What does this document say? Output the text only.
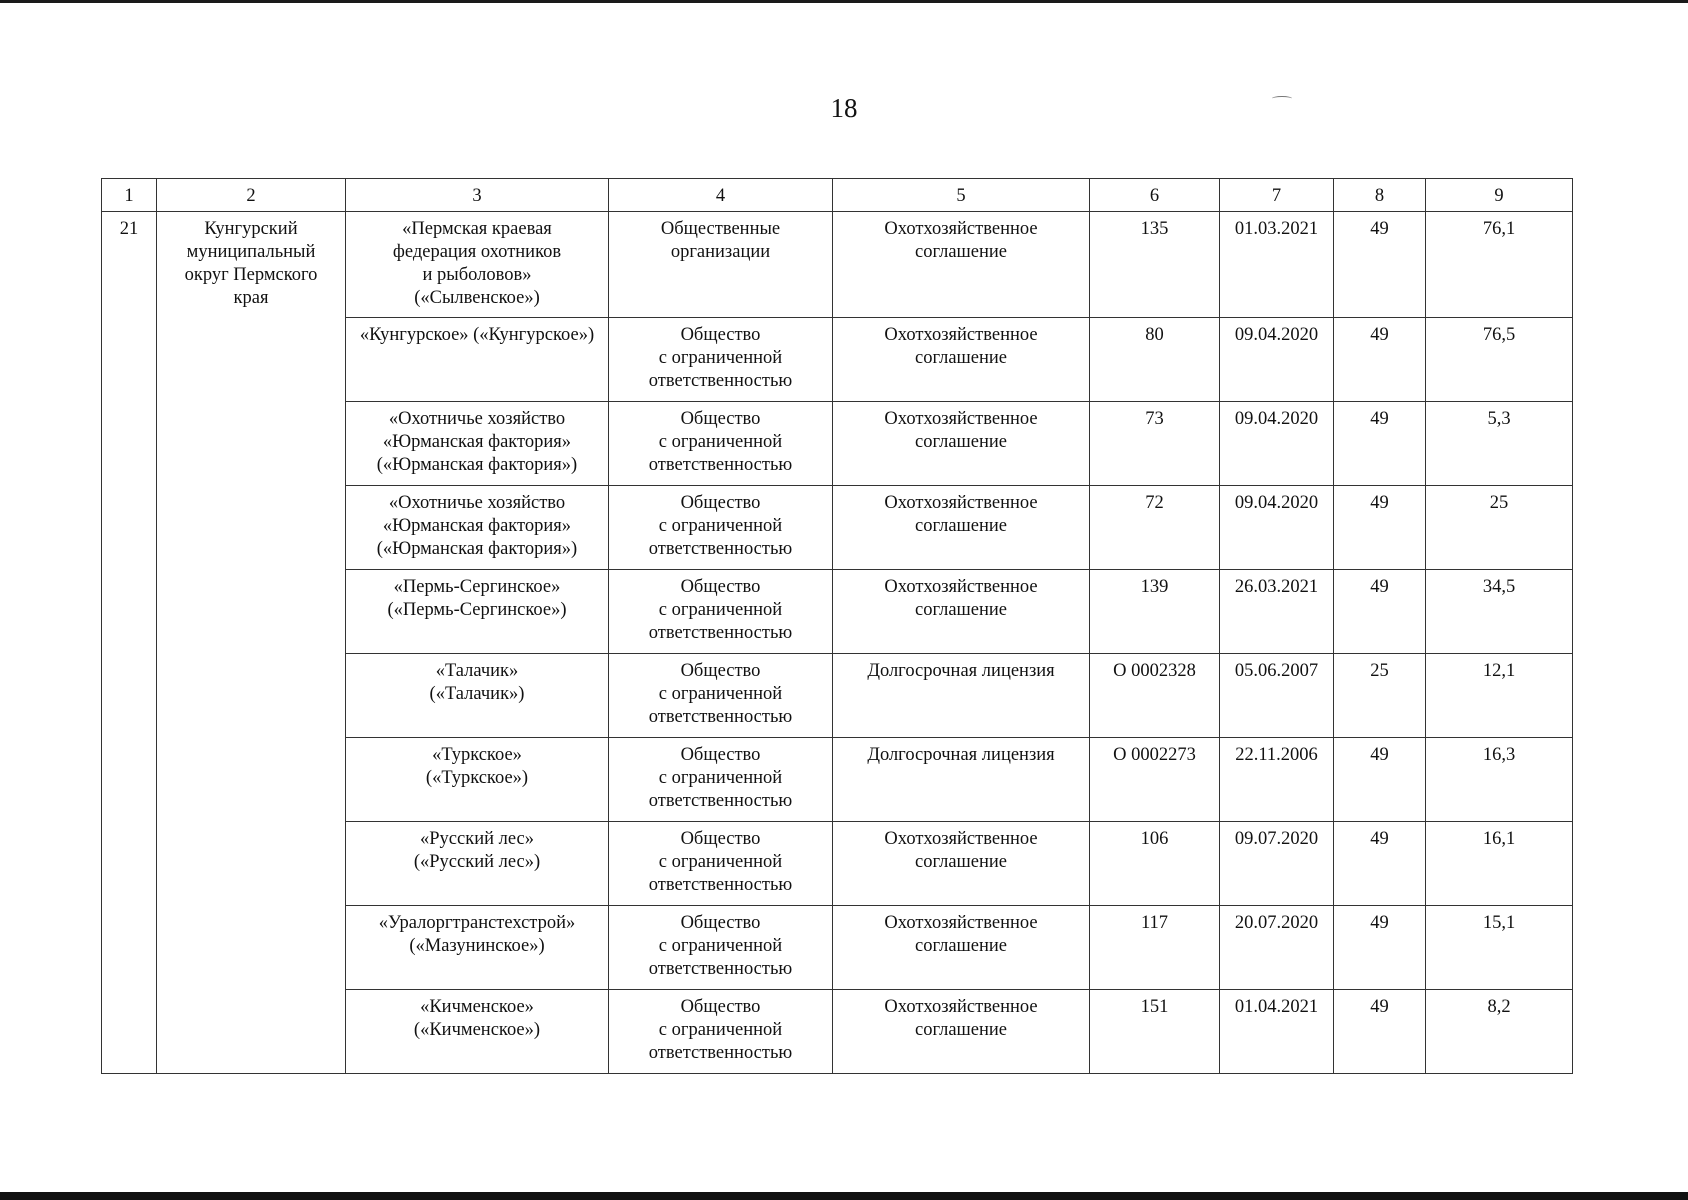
18
1	2	3	4	5	6	7	8	9
21	Кунгурский
муниципальный
округ Пермского
края	«Пермская краевая
федерация охотников
и рыболовов»
(«Сылвенское»)	Общественные
организации	Охотхозяйственное
соглашение	135	01.03.2021	49	76,1
		«Кунгурское» («Кунгурское»)	Общество
с ограниченной
ответственностью	Охотхозяйственное
соглашение	80	09.04.2020	49	76,5
		«Охотничье хозяйство
«Юрманская фактория»
(«Юрманская фактория»)	Общество
с ограниченной
ответственностью	Охотхозяйственное
соглашение	73	09.04.2020	49	5,3
		«Охотничье хозяйство
«Юрманская фактория»
(«Юрманская фактория»)	Общество
с ограниченной
ответственностью	Охотхозяйственное
соглашение	72	09.04.2020	49	25
		«Пермь-Сергинское»
(«Пермь-Сергинское»)	Общество
с ограниченной
ответственностью	Охотхозяйственное
соглашение	139	26.03.2021	49	34,5
		«Талачик»
(«Талачик»)	Общество
с ограниченной
ответственностью	Долгосрочная лицензия	О 0002328	05.06.2007	25	12,1
		«Туркское»
(«Туркское»)	Общество
с ограниченной
ответственностью	Долгосрочная лицензия	О 0002273	22.11.2006	49	16,3
		«Русский лес»
(«Русский лес»)	Общество
с ограниченной
ответственностью	Охотхозяйственное
соглашение	106	09.07.2020	49	16,1
		«Уралоргтранстехстрой»
(«Мазунинское»)	Общество
с ограниченной
ответственностью	Охотхозяйственное
соглашение	117	20.07.2020	49	15,1
		«Кичменское»
(«Кичменское»)	Общество
с ограниченной
ответственностью	Охотхозяйственное
соглашение	151	01.04.2021	49	8,2
